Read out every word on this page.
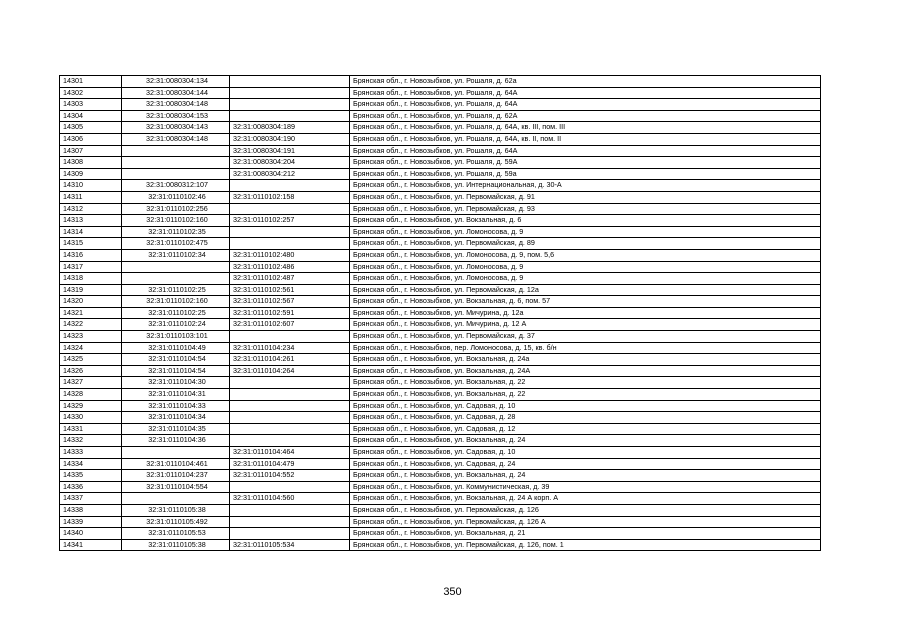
14301	32:31:0080304:134		Брянская обл., г. Новозыбков, ул. Рошаля, д. 62а
14302	32:31:0080304:144		Брянская обл., г. Новозыбков, ул. Рошаля, д. 64А
14303	32:31:0080304:148		Брянская обл., г. Новозыбков, ул. Рошаля, д. 64А
14304	32:31:0080304:153		Брянская обл., г. Новозыбков, ул. Рошаля, д. 62А
14305	32:31:0080304:143	32:31:0080304:189	Брянская обл., г. Новозыбков, ул. Рошаля, д. 64А, кв. III, пом. III
14306	32:31:0080304:148	32:31:0080304:190	Брянская обл., г. Новозыбков, ул. Рошаля, д. 64А, кв. II, пом. II
14307		32:31:0080304:191	Брянская обл., г. Новозыбков, ул. Рошаля, д. 64А
14308		32:31:0080304:204	Брянская обл., г. Новозыбков, ул. Рошаля, д. 59А
14309		32:31:0080304:212	Брянская обл., г. Новозыбков, ул. Рошаля, д. 59а
14310	32:31:0080312:107		Брянская обл., г. Новозыбков, ул. Интернациональная, д. 30-А
14311	32:31:0110102:46	32:31:0110102:158	Брянская обл., г. Новозыбков, ул. Первомайская, д. 91
14312	32:31:0110102:256		Брянская обл., г. Новозыбков, ул. Первомайская, д. 93
14313	32:31:0110102:160	32:31:0110102:257	Брянская обл., г. Новозыбков, ул. Вокзальная, д. 6
14314	32:31:0110102:35		Брянская обл., г. Новозыбков, ул. Ломоносова, д. 9
14315	32:31:0110102:475		Брянская обл., г. Новозыбков, ул. Первомайская, д. 89
14316	32:31:0110102:34	32:31:0110102:480	Брянская обл., г. Новозыбков, ул. Ломоносова, д. 9, пом. 5,6
14317		32:31:0110102:486	Брянская обл., г. Новозыбков, ул. Ломоносова, д. 9
14318		32:31:0110102:487	Брянская обл., г. Новозыбков, ул. Ломоносова, д. 9
14319	32:31:0110102:25	32:31:0110102:561	Брянская обл., г. Новозыбков, ул. Первомайская, д. 12а
14320	32:31:0110102:160	32:31:0110102:567	Брянская обл., г. Новозыбков, ул. Вокзальная, д. 6, пом. 57
14321	32:31:0110102:25	32:31:0110102:591	Брянская обл., г. Новозыбков, ул. Мичурина, д. 12а
14322	32:31:0110102:24	32:31:0110102:607	Брянская обл., г. Новозыбков, ул. Мичурина, д. 12 А
14323	32:31:0110103:101		Брянская обл., г. Новозыбков, ул. Первомайская, д. 37
14324	32:31:0110104:49	32:31:0110104:234	Брянская обл., г. Новозыбков, пер. Ломоносова, д. 15, кв. б/н
14325	32:31:0110104:54	32:31:0110104:261	Брянская обл., г. Новозыбков, ул. Вокзальная, д. 24а
14326	32:31:0110104:54	32:31:0110104:264	Брянская обл., г. Новозыбков, ул. Вокзальная, д. 24А
14327	32:31:0110104:30		Брянская обл., г. Новозыбков, ул. Вокзальная, д. 22
14328	32:31:0110104:31		Брянская обл., г. Новозыбков, ул. Вокзальная, д. 22
14329	32:31:0110104:33		Брянская обл., г. Новозыбков, ул. Садовая, д. 10
14330	32:31:0110104:34		Брянская обл., г. Новозыбков, ул. Садовая, д. 28
14331	32:31:0110104:35		Брянская обл., г. Новозыбков, ул. Садовая, д. 12
14332	32:31:0110104:36		Брянская обл., г. Новозыбков, ул. Вокзальная, д. 24
14333		32:31:0110104:464	Брянская обл., г. Новозыбков, ул. Садовая, д. 10
14334	32:31:0110104:461	32:31:0110104:479	Брянская обл., г. Новозыбков, ул. Садовая, д. 24
14335	32:31:0110104:237	32:31:0110104:552	Брянская обл., г. Новозыбков, ул. Вокзальная, д. 24
14336	32:31:0110104:554		Брянская обл., г. Новозыбков, ул. Коммунистическая, д. 39
14337		32:31:0110104:560	Брянская обл., г. Новозыбков, ул. Вокзальная, д. 24 А корп. А
14338	32:31:0110105:38		Брянская обл., г. Новозыбков, ул. Первомайская, д. 126
14339	32:31:0110105:492		Брянская обл., г. Новозыбков, ул. Первомайская, д. 126 А
14340	32:31:0110105:53		Брянская обл., г. Новозыбков, ул. Вокзальная, д. 21
14341	32:31:0110105:38	32:31:0110105:534	Брянская обл., г. Новозыбков, ул. Первомайская, д. 126, пом. 1
350
